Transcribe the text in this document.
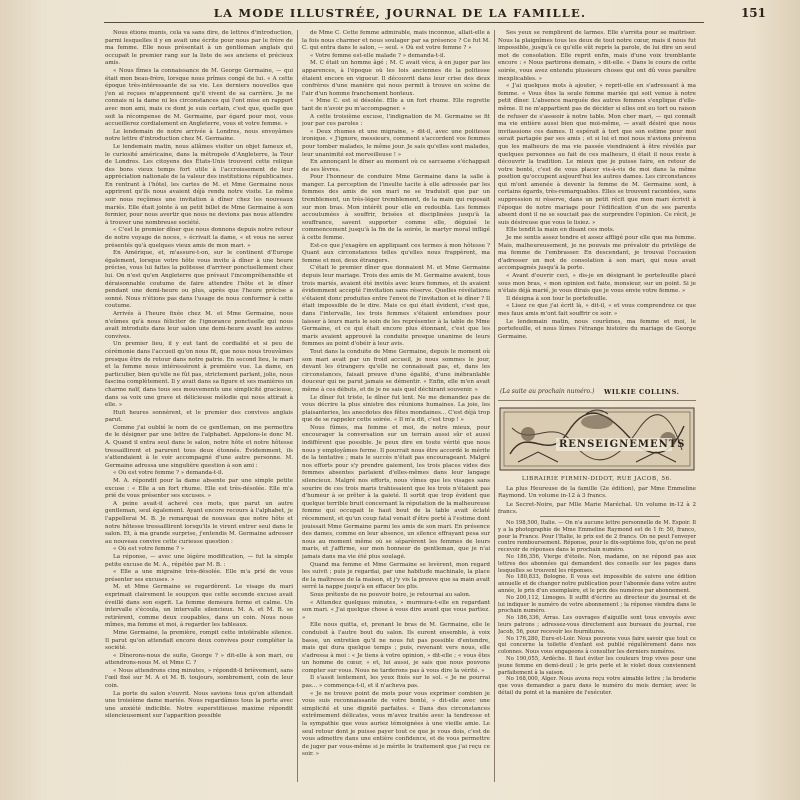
LA MODE ILLUSTRÉE, JOURNAL DE LA FAMILLE.	151

Nous étions munis, cela va sans dire, de lettres d'introduction, parmi lesquelles il y en avait une écrite pour nous par le frère de ma femme. Elle nous présentait à un gentleman anglais qui occupait le premier rang sur la liste de ses anciens et précieux amis.

« Nous fîmes la connaissance de M. George Germaine, — qui était mon beau-frère, lorsque nous prîmes congé de lui. « A cette époque très-intéressante de sa vie. Les derniers nouvelles que j'en ai reçues m'apprennent qu'il vivent de sa carrière. Je ne connais ni la dame ni les circonstances qui l'ont mise en rapport avec mon ami, mais ce dont je suis certain, c'est que, quelle que soit la récompense de M. Germaine, par égard pour moi, vous accueillerez cordialement en Angleterre, vous et votre femme. »

Le lendemain de notre arrivée à Londres, nous envoyâmes notre lettre d'introduction chez M. Germaine.

Le lendemain matin, nous allâmes visiter un objet fameux et, le curiosité américaine, dans la métropole d'Angleterre, la Tour de Londres. Les citoyens des États-Unis trouvent cette relique des bons vieux temps fort utile à l'accroissement de leur appréciation nationale de la valeur des institutions républicaines. En rentrant à l'hôtel, les cartes de M. et Mme Germaine nous apprirent qu'ils nous avaient déjà rendu notre visite. Le même soir nous reçûmes une invitation à dîner chez les nouveaux mariés. Elle était jointe à un petit billet de Mme Germaine à son fermier, pour nous avertir que nous ne devions pas nous attendre à trouver une nombreuse société.

« C'est le premier dîner que nous donnons depuis notre retour de notre voyage de noces, » écrivait la dame, « et vous ne serez présentés qu'à quelques vieux amis de mon mari. »

En Amérique, et, m'assure-t-on, sur le continent d'Europe également, lorsque votre hôte vous invite à dîner à une heure précise, vous lui faites la politesse d'arriver ponctuellement chez lui. On n'est qu'en Angleterre que prévaut l'incompréhensible et déraisonnable coutume de faire attendre l'hôte et le dîner pendant une demi-heure ou plus, après que l'heure précise a sonné. Nous n'étions pas dans l'usage de nous conformer à cette coutume.

Arrivés à l'heure fixée chez M. et Mme Germaine, nous n'eûmes qu'à nous féliciter de l'ignorance ponctuelle qui nous avait introduits dans leur salon une demi-heure avant les autres convives.

Un premier lieu, il y eut tant de cordialité et si peu de cérémonie dans l'accueil qu'on nous fit, que nous nous trouvâmes presque être de retour dans notre patrie. En second lieu, le mari et la femme nous intéressèrent à première vue. La dame, en particulier, bien qu'elle ne fût pas, strictement parlant, jolie, nous fascina complètement. Il y avait dans sa figure et ses manières un charme naïf, dans tous ses mouvements une simplicité gracieuse, dans sa voix une grave et délicieuse mélodie qui nous attirait à elle. »

Huit heures sonnèrent, et le premier des convives anglais parut.

Comme j'ai oublié le nom de ce gentleman, on me permettra de le désigner par une lettre de l'alphabet. Appelons-le donc M. A. Quand il entra seul dans le salon, notre hôte et notre hôtesse tressaillirent et parurent tous deux étonnés. Évidemment, ils s'attendaient à le voir accompagné d'une autre personne. M. Germaine adressa une singulière question à son ami :

« Où est votre femme ? » demanda-t-il.

M. A. répondit pour la dame absente par une simple petite excuse : « Elle a un fort rhume. Elle est très-désolée. Elle m'a prié de vous présenter ses excuses. »

A peine avait-il achevé ces mots, que parut un autre gentleman, seul également. Ayant encore recours à l'alphabet, je l'appellerai M. B. Je remarquai de nouveau que notre hôte et notre hôtesse tressaillirent lorsqu'ils le virent entrer seul dans le salon. Et, à ma grande surprise, j'entendis M. Germaine adresser au nouveau convive cette curieuse question :

« Où est votre femme ? »

La réponse, — avec une légère modification, — fut la simple petite excuse de M. A., répétée par M. B. :

« Elle a une migraine très-désolée. Elle m'a prié de vous présenter ses excuses. »

M. et Mme Germaine se regardèrent. Le visage du mari exprimait clairement le soupçon que cette seconde excuse avait éveillé dans son esprit. La femme demeura ferme et calme. Un intervalle s'écoula, un intervalle silencieux. M. A. et M. B. se retirèrent, comme deux coupables, dans un coin. Nous nous mîmes, ma femme et moi, à regarder les tableaux.

Mme Germaine, la première, rompit cette intolérable silence. Il parut qu'on attendait encore deux convives pour compléter la société.

« Dînerons-nous de suite, George ? » dit-elle à son mari, ou attendrons-nous M. et Mme C. ?

« Nous attendrons cinq minutes, » répondit-il brièvement, sans l'œil fixé sur M. A et M. B. toujours, sombrement, coin de leur coin.

La porte du salon s'ouvrit. Nous savions tous qu'on attendait une troisième dame mariée. Nous regardâmes tous la porte avec une anxiété indicible. Notre superstitieuse maxime répondit silencieusement sur l'apparition possible

de Mme C. Cette femme admirable, mais inconnue, allait-elle à la fois nous charmer et nous soulager par sa présence ? Ce fut M. C. qui entra dans le salon, — seul. « Où est votre femme ? »

« Votre femme est-elle malade ? » demanda-t-il.

M. C était un homme âgé ; M. C avait vécu, à en juger par les apparences, à l'époque où les lois anciennes de la politesse étaient encore en vigueur. Il découvrit dans leur crise des deux confrères d'une manière qui nous permit à trouve en scène de l'air d'un homme franchement honteux.

« Mme C. est si désolée. Elle a un fort rhume. Elle regrette tant de n'avoir pu m'accompagner. »

A cette troisième excuse, l'indignation de M. Germaine se fit jour par ces paroles :

« Deux rhumes et une migraine, » dit-il, avec une politesse ironique. « J'ignore, messieurs, comment s'accordent vos femmes pour tomber malades, le même jour. Je sais qu'elles sont malades, leur unanimité est merveilleuse ! »

En annonçant le dîner au moment où ce sarcasme s'échappait de ses lèvres.

Pour l'honneur de conduire Mme Germaine dans la salle à manger. La perception de l'insulte tacite à elle adressée par les femmes des amis de son mari ne se traduisit que par un tremblement, un très-léger tremblement, de la main qui reposait sur mon bras. Mon intérêt pour elle en redoubla. Les femmes accoutumées à souffrir, brisées et disciplinées jusqu'à la souffrance, savent supporter comme elle, déguisé le commencement jusqu'à la fin de la soirée, le martyr moral infligé à cette femme.

Est-ce que j'exagère en appliquant ces termes à mon hôtesse ? Quant aux circonstances telles qu'elles nous frappèrent, ma femme et moi, deux étrangers.

C'était le premier dîner que donnaient M. et Mme Germaine depuis leur mariage. Trois des amis de M. Germaine avaient, tous trois mariés, avaient été invités avec leurs femmes, et ils avaient évidemment accepté l'invitation sans réserve. Quelles révélations s'étaient donc produites entre l'envoi de l'invitation et le dîner ? Il était impossible de le dire. Mais ce qui était évident, c'est que, dans l'intervalle, les trois femmes s'étaient entendues pour laisser à leurs maris le soin de les représenter à la table de Mme Germaine, et ce qui était encore plus étonnant, c'est que les maris avaient approuvé la conduite presque unanime de leurs femmes au point d'obéir à leur avis.

Tout dans la conduite de Mme Germaine, depuis le moment où son mari avait par un froid accueil, je nous sommes le jour, devant les étrangers qu'elle ne connaissait pas, et, dans les circonstances, faisait preuve d'une égalité, d'une inébranlable douceur qui ne parut jamais se démentir. « Enfin, elle m'en avait même à ces débuts, et de je ne sais quel déchirant souvenir. »

Le dîner fut triste, le dîner fut lent. Ne me demandez pas de vous décrire la plus sinistre des réunions humaines. La joie, les plaisanteries, les anecdotes des fêtes mondaines... C'est déjà trop que de se rappeler cette soirée. « Il m'a dit, c'est trop ! »

Nous fûmes, ma femme et moi, de notre mieux, pour encourager la conversation sur un terrain aussi sûr et aussi indifférent que possible. Je peux dire en toute vérité que nous nous y employâmes ferme. Il pourrait nous être accordé le mérite de la tentative ; mais le succès n'était pas encourageant. Malgré nos efforts pour s'y prendre gaiement, les trois places vides des femmes absentes parlaient d'elles-mêmes dans leur langage silencieux. Malgré nos efforts, nous vîmes que les visages sans sourire de ces trois maris trahissaient que les trois n'étaient pas d'humeur à se prêter à la gaieté. Il sortit que trop évident que quelque terrible bruit concernant la réputation de la malheureuse femme qui occupait le haut bout de la table avait éclaté récemment, et qu'un coup fatal venait d'être porté à l'estime dont jouissait Mme Germaine parmi les amis de son mari. En présence des dames, comme en leur absence, un silence effrayant pesa sur nous au moment même où se séparèrent les femmes de leurs maris, et j'affirme, sur mon honneur de gentleman, que je n'ai jamais dans ma vie été plus soulagé.

Quand ma femme et Mme Germaine se levèrent, mon regard les suivit ; puis je regardai, par une habitude machinale, la place de la maîtresse de la maison, et j'y vis la preuve que sa main avait serré la nappe jusqu'à en effacer les plis.

Sous prétexte de ne pouvoir boire, je retournai au salon.

« Attendez quelques minutes, » murmura-t-elle en regardant son mari. « J'ai quelque chose à vous dire avant que vous partiez. »

Elle nous quitta, et, prenant le bras de M. Germaine, elle le conduisit à l'autre bout du salon. Ils eurent ensemble, à voix basse, un entretien qu'il ne nous fut pas possible d'entendre, mais qui dura quelque temps ; puis, revenant vers nous, elle s'adressa à moi : « Je tiens à votre opinion, » dit-elle ; « vous êtes un homme de cœur, » et, lui aussi, je sais que nous pouvons compter sur vous. Nous ne tarderons pas à vous dire la vérité. »

Il s'assit lentement, les yeux fixés sur le sol. « Je ne pourrai pas... » commença-t-il, et il n'acheva pas.

« Je ne trouve point de mots pour vous exprimer combien je vous suis reconnaissante de votre bonté, » dit-elle avec une simplicité et une dignité parfaites. « Dans des circonstances extrêmement délicates, vous m'avez traitée avec la tendresse et la sympathie que vous auriez témoignées à une vieille amie. Le seul retour dont je puisse payer tout ce que je vous dois, c'est de vous admettre dans une entière confidence, et de vous permettre de juger par vous-même si je mérite le traitement que j'ai reçu ce soir. »

Ses yeux se remplirent de larmes. Elle s'arrêta pour se maîtriser. Nous la plaignîmes tous les deux de tout notre cœur, mais il nous fut impossible, jusqu'à ce qu'elle eût repris la parole, de lui dire un seul mot de consolation. Elle reprit enfin, mais d'une voix tremblante encore : « Nous partirons demain, » dit-elle. « Dans le cours de cette soirée, vous avez entendu plusieurs choses qui ont dû vous paraître inexplicables. »

« J'ai quelques mots à ajouter, » reprit-elle en s'adressant à ma femme. « Vous êtes la seule femme mariée qui soit venue à notre petit dîner. L'absence marquée des autres femmes s'explique d'elle-même. Il ne m'appartient pas de décider si elles ont eu tort ou raison de refuser de s'asseoir à notre table. Mon cher mari, — qui connaît ma vie entière aussi bien que moi-même, — avait désiré que nous invitassions ces dames. Il espérait à tort que son estime pour moi serait partagée par ses amis ; et si lui et moi nous n'avions prévenu que les malheurs de ma vie passée viendraient à être révélés par quelques personnes au fait de ces malheurs, il était il nous reste à découvrir la tradition. Le mieux que je puisse faire, en retour de votre bonté, c'est de vous placer vis-à-vis de moi dans la même position qu'occupent aujourd'hui les autres dames. Les circonstances qui m'ont amenée à devenir la femme de M. Germaine sont, à certains égards, très-remarquables. Elles se trouvent racontées, sans suppression ni réserve, dans un petit récit que mon mari écrivit à l'époque de notre mariage pour l'édification d'un de ses parents absent dont il ne se souciait pas de surprendre l'opinion. Ce récit, je suis désireuse que vous le lisiez. »

Elle tendit la main en disant ces mots.

Je me sentis assez tendre et assez affligé pour elle que ma femme. Mais, malheureusement, je ne pouvais me prévaloir du privilège de ma femme de l'embrasser. En descendant, je trouvai l'occasion d'adresser un mot de consolation à son mari, qui nous avait accompagnés jusqu'à la porte.

« Avant d'ouvrir ceci, » dis-je en désignant le portefeuille placé sous mon bras, « mon opinion est faite, monsieur, sur un point. Si je n'étais déjà marié, je vous dirais que je vous envie votre femme. »

Il désigna à son tour le portefeuille.

« Lisez ce que j'ai écrit là, » dit-il, « et vous comprendrez ce que mes faux amis m'ont fait souffrir ce soir. »

Le lendemain matin, nous courûmes, ma femme et moi, le portefeuille, et nous lûmes l'étrange histoire du mariage de George Germaine.

(La suite au prochain numéro.) WILKIE COLLINS.
RENSEIGNEMENTS
LIBRAIRIE FIRMIN-DIDOT, RUE JACOB, 56.

La plus Heureuse de la famille (2e édition), par Mme Emmeline Raymond. Un volume in-12 à 3 francs.

Le Secret-Noire, par Mlle Marie Maréchal. Un volume in-12 à 2 francs.

No 198,500, Italie. — On n'a aucune lettre personnelle de M. Espoir. Il y a la photographie de Mme Emmeline Raymond est de 1 fr. 50, franco, pour la France. Pour l'Italie, le prix est de 2 francs. On ne peut l'envoyer contre remboursement. Réponse, pour le dix-septième fois, qu'on ne peut recevoir de réponses dans le prochain numéro.

No 186,356, Vierge d'étoile. Non, madame, on ne répond pas aux lettres des abonnées qui demandent des conseils sur les pages dans lesquelles se trouvent les réponses.

No 180,833, Bologne. Il vous est impossible de suivre une édition annuelle et de changer notre publication pour l'abonnée dans votre autre année, le prix d'un exemplaire, et le prix des numéros par abonnement.

No 200,112, Limoges. Il suffit d'écrire au directeur du journal et de lui indiquer le numéro de votre abonnement ; la réponse viendra dans le prochain numéro.

No 186,336, Arras. Les ouvrages d'aiguille sont tous envoyés avec leurs patrons ; adressez-vous directement aux bureaux du journal, rue Jacob, 56, pour recevoir les fournitures.

No 176,280, Eure-et-Loir. Nous pouvons vous faire savoir que tout ce qui concerne la toilette d'enfant est publié régulièrement dans nos colonnes. Nous vous engageons à consulter les derniers numéros.

No 190,055, Ardèche. Il faut éviter les couleurs trop vives pour une jeune femme en demi-deuil ; le gris perle et le violet doux conviennent parfaitement à la saison.

No 168,000, Alger. Nous avons reçu votre aimable lettre ; la broderie que vous demandez a paru dans le numéro du mois dernier, avec le détail du point et la manière de l'exécuter.
